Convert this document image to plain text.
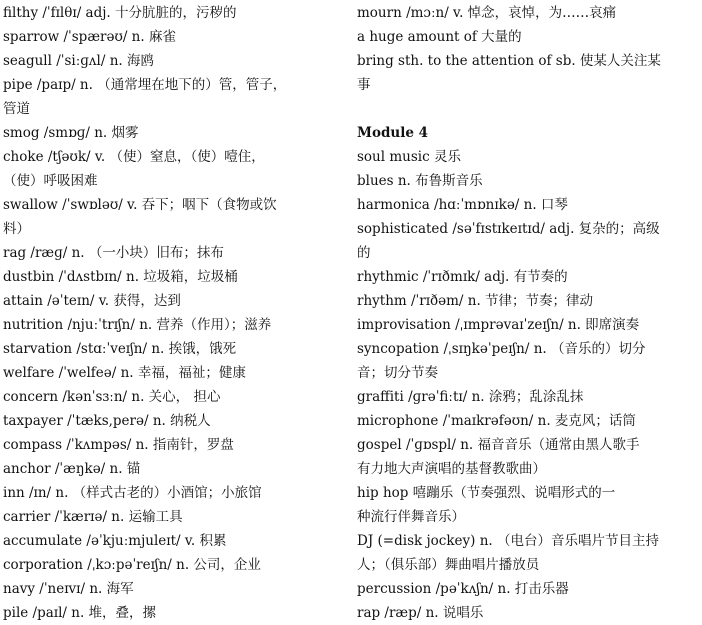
filthy /ˈfɪlθɪ/ adj. 十分肮脏的，污秽的
sparrow /ˈspærəʊ/ n. 麻雀
seagull /ˈsiːɡʌl/ n. 海鸥
pipe /paɪp/ n. （通常埋在地下的）管，管子，
管道
smog /smɒɡ/ n. 烟雾
choke /tʃəʊk/ v. （使）窒息，（使）噎住，
（使）呼吸困难
swallow /ˈswɒləʊ/ v. 吞下；咽下（食物或饮
料）
rag /ræɡ/ n. （一小块）旧布；抹布
dustbin /ˈdʌstbɪn/ n. 垃圾箱，垃圾桶
attain /əˈteɪn/ v. 获得，达到
nutrition /njuːˈtrɪʃn/ n. 营养（作用）；滋养
starvation /stɑːˈveɪʃn/ n. 挨饿，饿死
welfare /ˈwelfeə/ n. 幸福，福祉；健康
concern /kənˈsɜːn/ n. 关心， 担心
taxpayer /ˈtæks,perə/ n. 纳税人
compass /ˈkʌmpəs/ n. 指南针，罗盘
anchor /ˈæŋkə/ n. 锚
inn /ɪn/ n. （样式古老的）小酒馆；小旅馆
carrier /ˈkærɪə/ n. 运输工具
accumulate /əˈkjuːmjuleɪt/ v. 积累
corporation /ˌkɔːpəˈreɪʃn/ n. 公司，企业
navy /ˈneɪvɪ/ n. 海军
pile /paɪl/ n. 堆，叠，摞
mourn /mɔːn/ v. 悼念，哀悼，为……哀痛
a huge amount of 大量的
bring sth. to the attention of sb. 使某人关注某
事
Module 4
soul music 灵乐
blues n. 布鲁斯音乐
harmonica /hɑːˈmɒnɪkə/ n. 口琴
sophisticated /səˈfɪstɪkeɪtɪd/ adj. 复杂的；高级
的
rhythmic /ˈrɪðmɪk/ adj. 有节奏的
rhythm /ˈrɪðəm/ n. 节律；节奏；律动
improvisation /ˌɪmprəvaɪˈzeɪʃn/ n. 即席演奏
syncopation /ˌsɪŋkəˈpeɪʃn/ n. （音乐的）切分
音；切分节奏
graffiti /ɡrəˈfiːtɪ/ n. 涂鸦；乱涂乱抹
microphone /ˈmaɪkrəfəʊn/ n. 麦克风；话筒
gospel /ˈɡɒspl/ n. 福音音乐（通常由黑人歌手
有力地大声演唱的基督教歌曲）
hip hop 嘻蹦乐（节奏强烈、说唱形式的一
种流行伴舞音乐）
DJ (=disk jockey) n. （电台）音乐唱片节目主持
人；（俱乐部）舞曲唱片播放员
percussion /pəˈkʌʃn/ n. 打击乐器
rap /ræp/ n. 说唱乐
